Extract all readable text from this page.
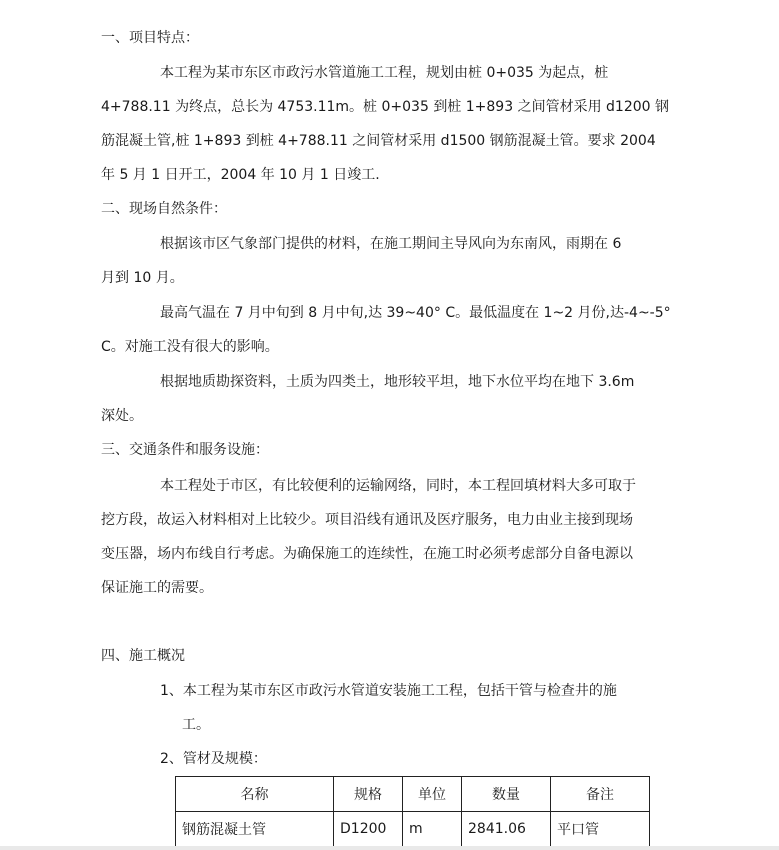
一、项目特点：
本工程为某市东区市政污水管道施工工程，规划由桩 0+035 为起点，桩
4+788.11 为终点，总长为 4753.11m。桩 0+035 到桩 1+893 之间管材采用 d1200 钢
筋混凝土管,桩 1+893 到桩 4+788.11 之间管材采用 d1500 钢筋混凝土管。要求 2004
年 5 月 1 日开工，2004 年 10 月 1 日竣工.
二、现场自然条件：
根据该市区气象部门提供的材料，在施工期间主导风向为东南风，雨期在 6
月到 10 月。
最高气温在 7 月中旬到 8 月中旬,达 39~40° C。最低温度在 1~2 月份,达-4~-5°
C。对施工没有很大的影响。
根据地质勘探资料，土质为四类土，地形较平坦，地下水位平均在地下 3.6m
深处。
三、交通条件和服务设施：
本工程处于市区，有比较便利的运输网络，同时，本工程回填材料大多可取于
挖方段，故运入材料相对上比较少。项目沿线有通讯及医疗服务，电力由业主接到现场
变压器，场内布线自行考虑。为确保施工的连续性，在施工时必须考虑部分自备电源以
保证施工的需要。
四、施工概况
1、本工程为某市东区市政污水管道安装施工工程，包括干管与检查井的施
工。
2、管材及规模：
名称	规格	单位	数量	备注
钢筋混凝土管	D1200	m	2841.06	平口管
